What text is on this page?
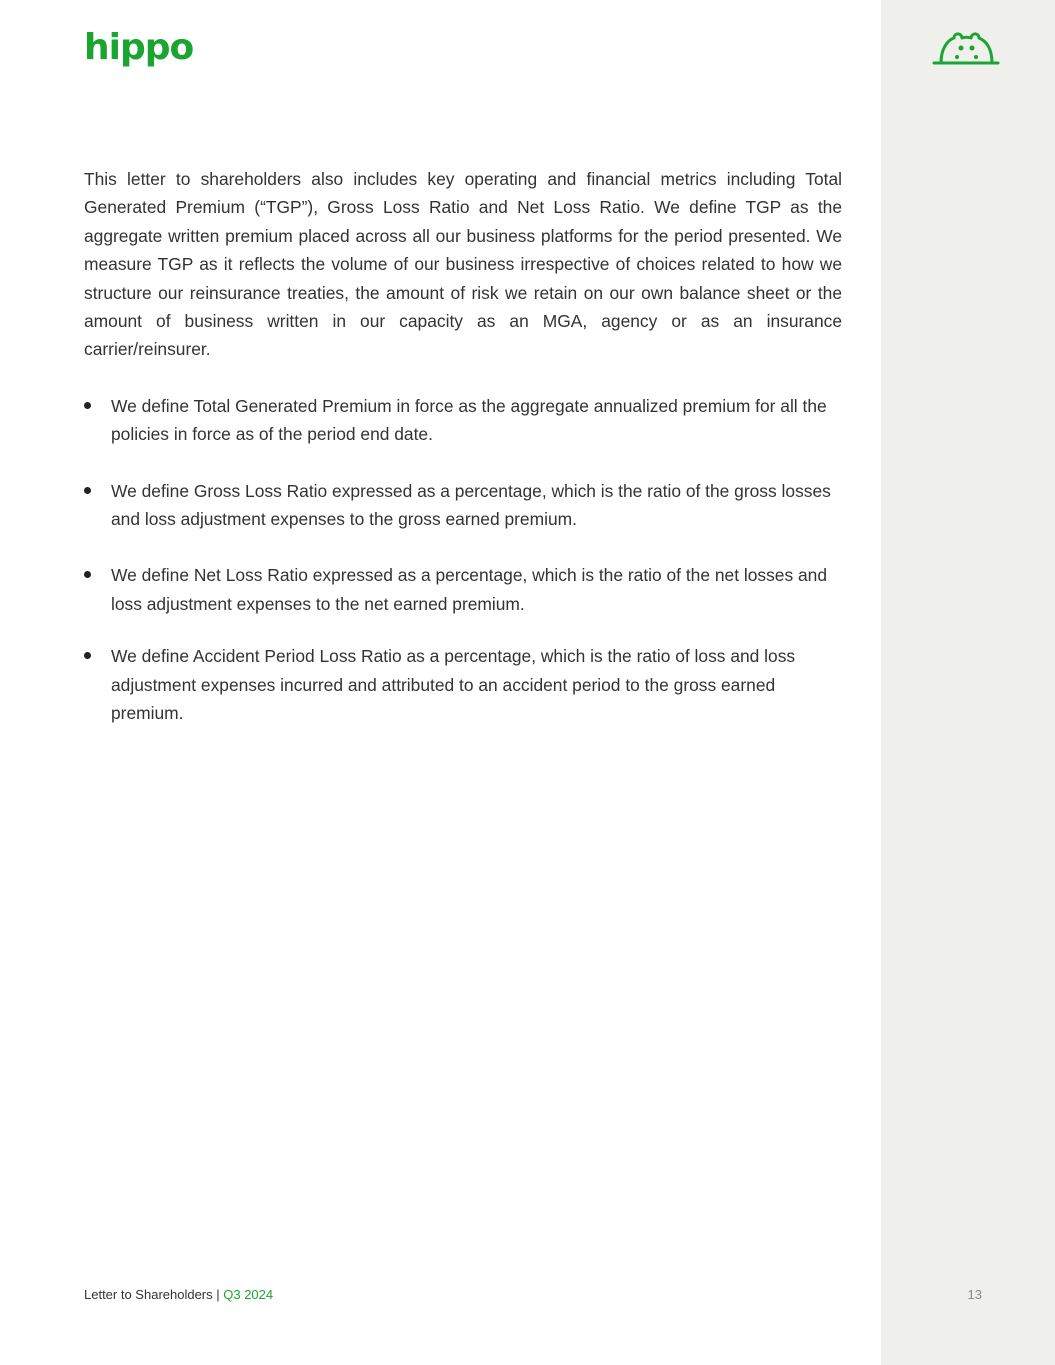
hippo

This letter to shareholders also includes key operating and financial metrics including Total Generated Premium (“TGP”), Gross Loss Ratio and Net Loss Ratio. We define TGP as the aggregate written premium placed across all our business platforms for the period presented. We measure TGP as it reflects the volume of our business irrespective of choices related to how we structure our reinsurance treaties, the amount of risk we retain on our own balance sheet or the amount of business written in our capacity as an MGA, agency or as an insurance carrier/reinsurer.

We define Total Generated Premium in force as the aggregate annualized premium for all the policies in force as of the period end date.
We define Gross Loss Ratio expressed as a percentage, which is the ratio of the gross losses and loss adjustment expenses to the gross earned premium.
We define Net Loss Ratio expressed as a percentage, which is the ratio of the net losses and loss adjustment expenses to the net earned premium.
We define Accident Period Loss Ratio as a percentage, which is the ratio of loss and loss adjustment expenses incurred and attributed to an accident period to the gross earned premium.
Letter to Shareholders | Q3 2024	13
